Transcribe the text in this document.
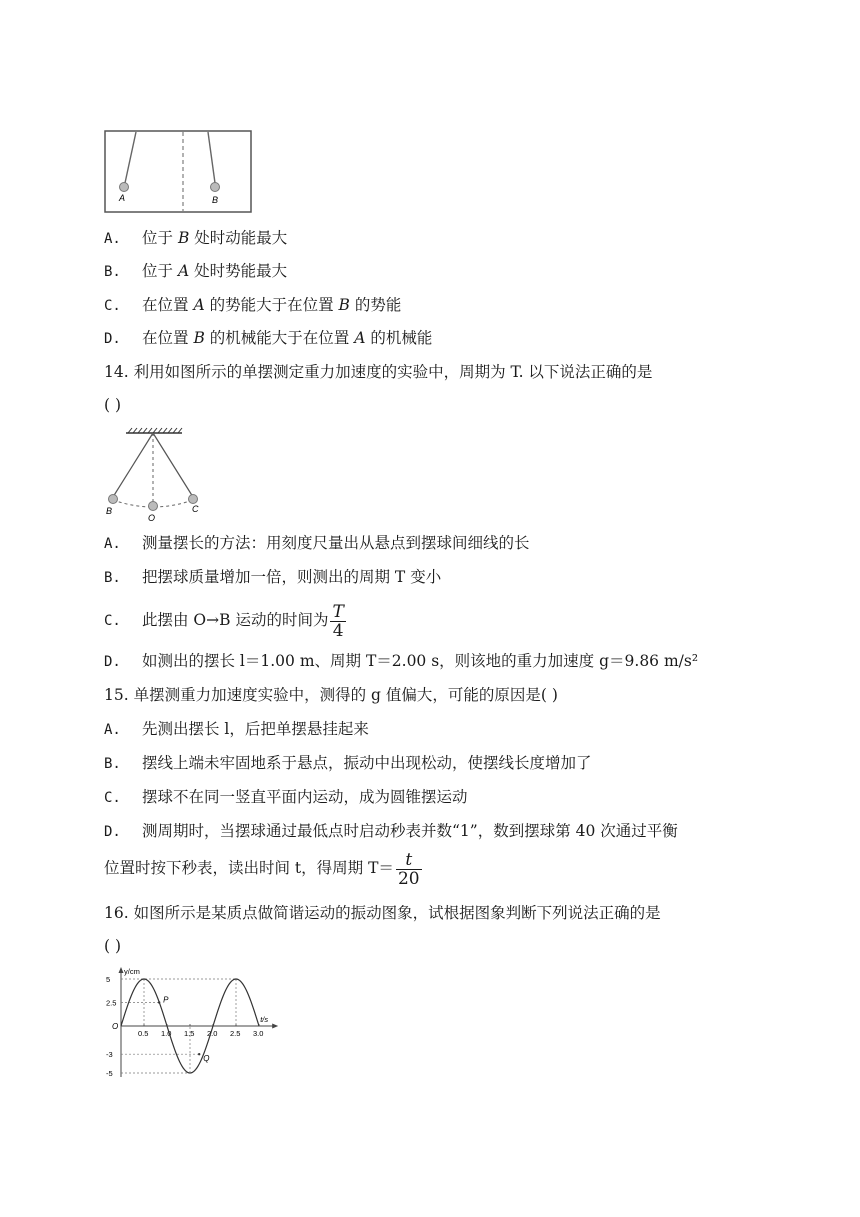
A	B
A. 位于 B 处时动能最大
B. 位于 A 处时势能最大
C. 在位置 A 的势能大于在位置 B 的势能
D. 在位置 B 的机械能大于在位置 A 的机械能
14. 利用如图所示的单摆测定重力加速度的实验中，周期为 T. 以下说法正确的是
( )
B
O
C
A. 测量摆长的方法：用刻度尺量出从悬点到摆球间细线的长
B. 把摆球质量增加一倍，则测出的周期 T 变小
C. 此摆由 O→B 运动的时间为 $\frac{T}{4}$
D. 如测出的摆长 l＝1.00 m、周期 T＝2.00 s，则该地的重力加速度 g＝9.86 m/s²
15. 单摆测重力加速度实验中，测得的 g 值偏大，可能的原因是( )
A. 先测出摆长 l，后把单摆悬挂起来
B. 摆线上端未牢固地系于悬点，振动中出现松动，使摆线长度增加了
C. 摆球不在同一竖直平面内运动，成为圆锥摆运动
D. 测周期时，当摆球通过最低点时启动秒表并数“1”，数到摆球第 40 次通过平衡
位置时按下秒表，读出时间 t，得周期 $T= \frac{t}{20}$
16. 如图所示是某质点做简谐运动的振动图象，试根据图象判断下列说法正确的是
( )
y/cm
t/s
O
0.5 1.0 1.5 2.0 2.5 3.0
5
2.5
-3
-5
P
Q
